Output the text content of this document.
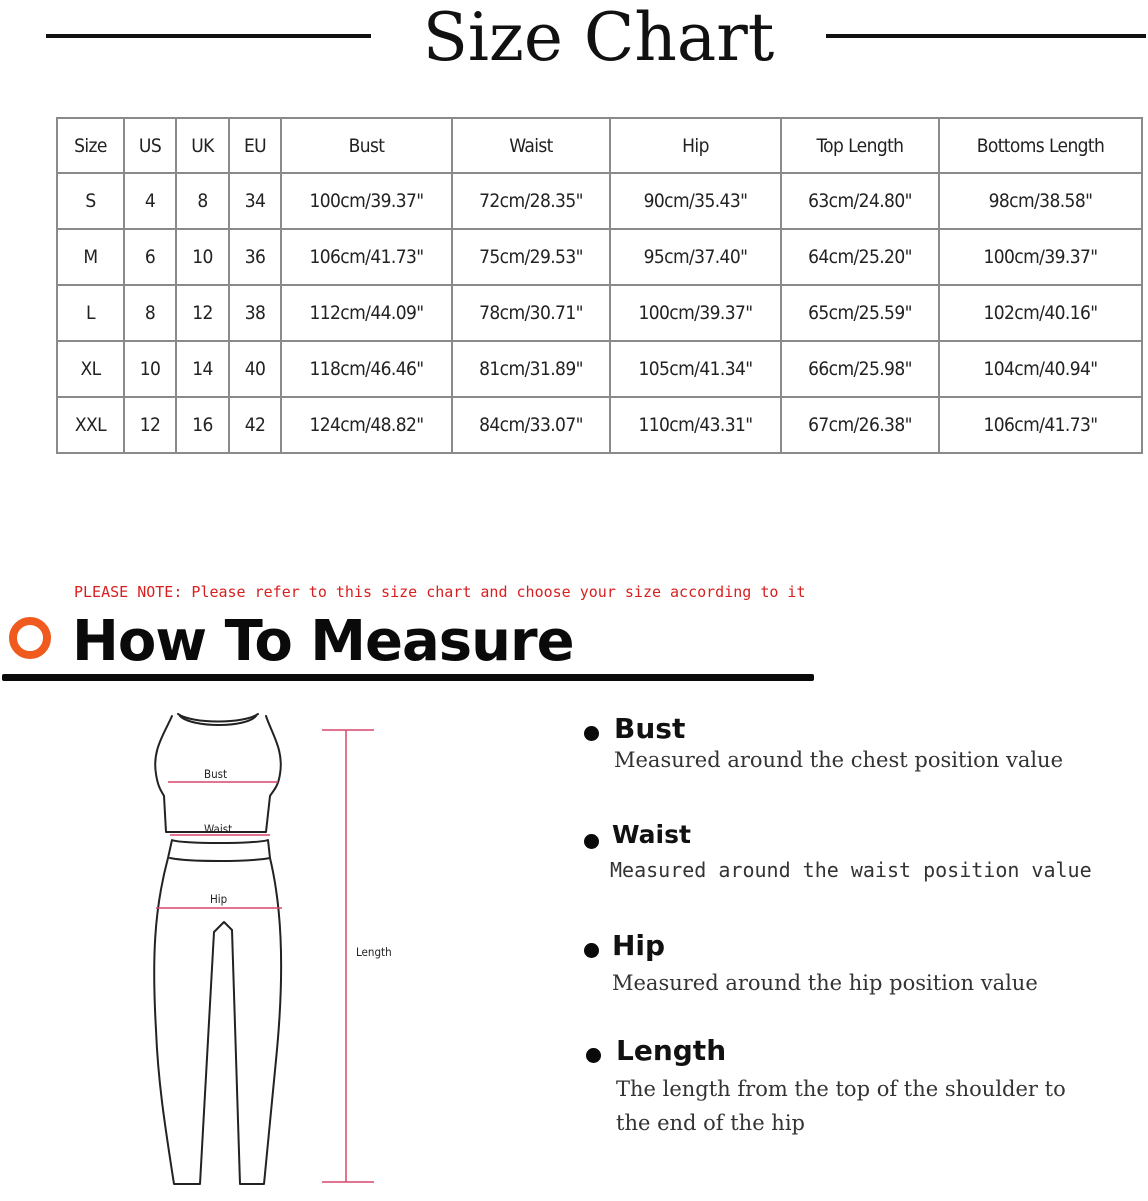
Size Chart
Size	US	UK	EU	Bust	Waist	Hip	Top Length	Bottoms Length
S	4	8	34	100cm/39.37"	72cm/28.35"	90cm/35.43"	63cm/24.80"	98cm/38.58"
M	6	10	36	106cm/41.73"	75cm/29.53"	95cm/37.40"	64cm/25.20"	100cm/39.37"
L	8	12	38	112cm/44.09"	78cm/30.71"	100cm/39.37"	65cm/25.59"	102cm/40.16"
XL	10	14	40	118cm/46.46"	81cm/31.89"	105cm/41.34"	66cm/25.98"	104cm/40.94"
XXL	12	16	42	124cm/48.82"	84cm/33.07"	110cm/43.31"	67cm/26.38"	106cm/41.73"
PLEASE NOTE: Please refer to this size chart and choose your size according to it
How To Measure
Bust
Waist
Hip
Length
Bust
Measured around the chest position value
Waist
Measured around the waist position value
Hip
Measured around the hip position value
Length
The length from the top of the shoulder to
the end of the hip
